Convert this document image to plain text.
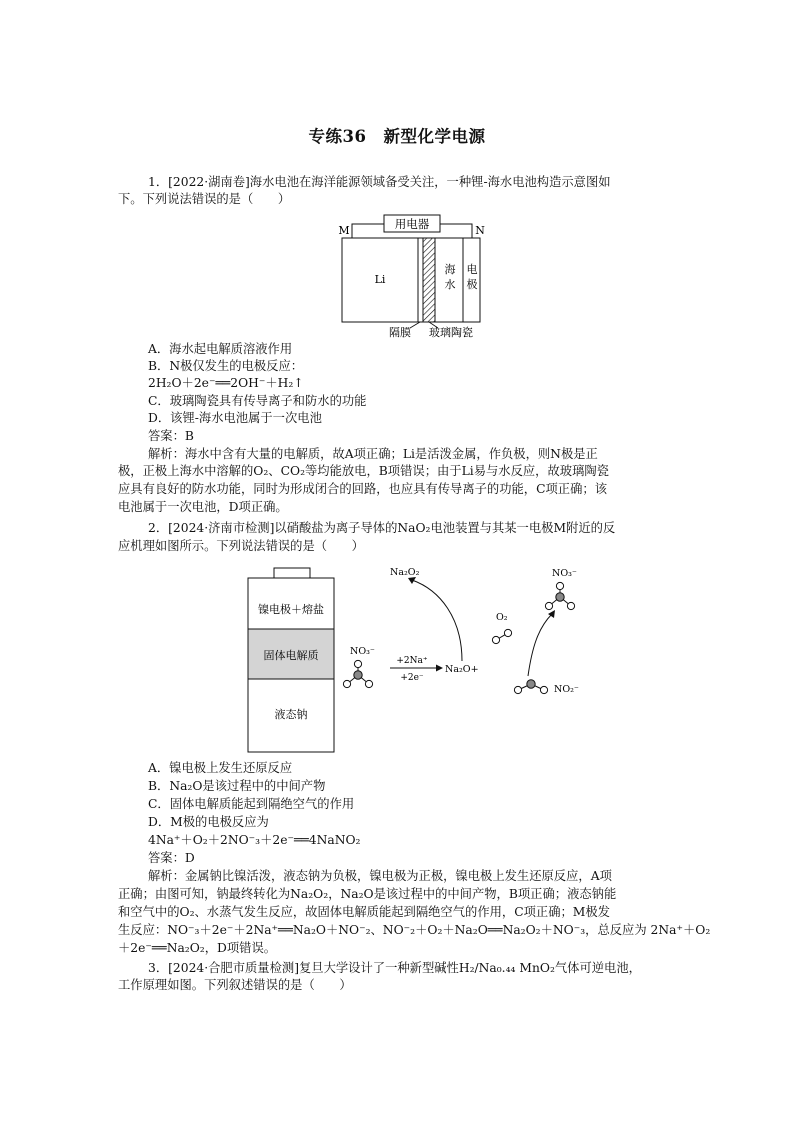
专练36　新型化学电源
1．[2022·湖南卷]海水电池在海洋能源领域备受关注，一种锂-海水电池构造示意图如
下。下列说法错误的是（　　）
用电器
M	N
Li
海
水
电
极
隔膜 玻璃陶瓷
A．海水起电解质溶液作用
B．N极仅发生的电极反应：
2H₂O＋2e⁻══2OH⁻＋H₂↑
C．玻璃陶瓷具有传导离子和防水的功能
D．该锂-海水电池属于一次电池
答案：B
解析：海水中含有大量的电解质，故A项正确；Li是活泼金属，作负极，则N极是正
极，正极上海水中溶解的O₂、CO₂等均能放电，B项错误；由于Li易与水反应，故玻璃陶瓷
应具有良好的防水功能，同时为形成闭合的回路，也应具有传导离子的功能，C项正确；该
电池属于一次电池，D项正确。
2．[2024·济南市检测]以硝酸盐为离子导体的NaO₂电池装置与其某一电极M附近的反
应机理如图所示。下列说法错误的是（　　）
镍电极＋熔盐
固体电解质
液态钠
NO₃⁻
+2Na⁺
+2e⁻
Na₂O+
Na₂O₂
O₂
NO₃⁻
NO₂⁻
A．镍电极上发生还原反应
B．Na₂O是该过程中的中间产物
C．固体电解质能起到隔绝空气的作用
D．M极的电极反应为
4Na⁺＋O₂＋2NO⁻₃＋2e⁻══4NaNO₂
答案：D
解析：金属钠比镍活泼，液态钠为负极，镍电极为正极，镍电极上发生还原反应，A项
正确；由图可知，钠最终转化为Na₂O₂，Na₂O是该过程中的中间产物，B项正确；液态钠能
和空气中的O₂、水蒸气发生反应，故固体电解质能起到隔绝空气的作用，C项正确；M极发
生反应：NO⁻₃＋2e⁻＋2Na⁺══Na₂O＋NO⁻₂、NO⁻₂＋O₂＋Na₂O══Na₂O₂＋NO⁻₃，总反应为 2Na⁺＋O₂
＋2e⁻══Na₂O₂，D项错误。
3．[2024·合肥市质量检测]复旦大学设计了一种新型碱性H₂/Na₀.₄₄ MnO₂气体可逆电池，
工作原理如图。下列叙述错误的是（　　）
